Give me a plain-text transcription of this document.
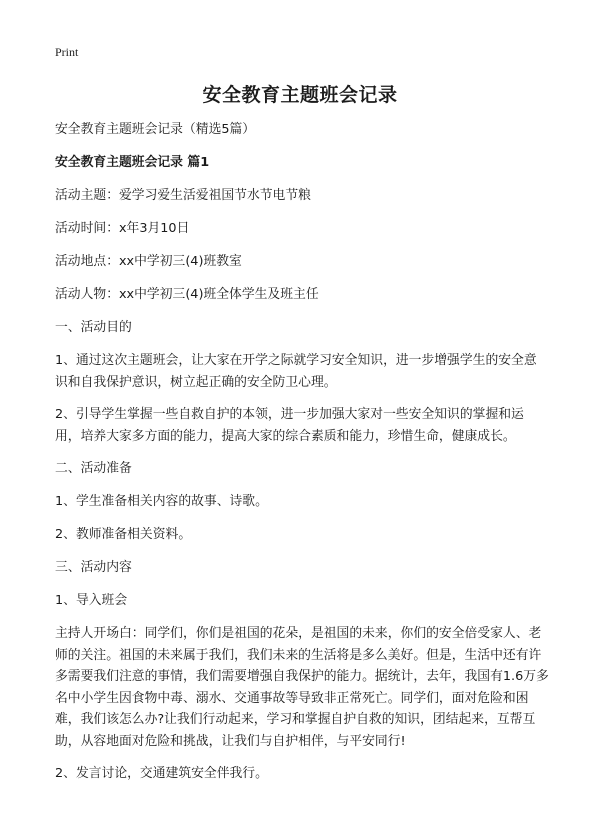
Print
安全教育主题班会记录

安全教育主题班会记录（精选5篇）

安全教育主题班会记录 篇1

活动主题：爱学习爱生活爱祖国节水节电节粮

活动时间：x年3月10日

活动地点：xx中学初三(4)班教室

活动人物：xx中学初三(4)班全体学生及班主任

一、活动目的

1、通过这次主题班会，让大家在开学之际就学习安全知识，进一步增强学生的安全意识和自我保护意识，树立起正确的安全防卫心理。

2、引导学生掌握一些自救自护的本领，进一步加强大家对一些安全知识的掌握和运用，培养大家多方面的能力，提高大家的综合素质和能力，珍惜生命，健康成长。

二、活动准备

1、学生准备相关内容的故事、诗歌。

2、教师准备相关资料。

三、活动内容

1、导入班会

主持人开场白：同学们，你们是祖国的花朵，是祖国的未来，你们的安全倍受家人、老师的关注。祖国的未来属于我们，我们未来的生活将是多么美好。但是，生活中还有许多需要我们注意的事情，我们需要增强自我保护的能力。据统计，去年，我国有1.6万多名中小学生因食物中毒、溺水、交通事故等导致非正常死亡。同学们，面对危险和困难，我们该怎么办?让我们行动起来，学习和掌握自护自救的知识，团结起来，互帮互助，从容地面对危险和挑战，让我们与自护相伴，与平安同行!

2、发言讨论，交通建筑安全伴我行。
